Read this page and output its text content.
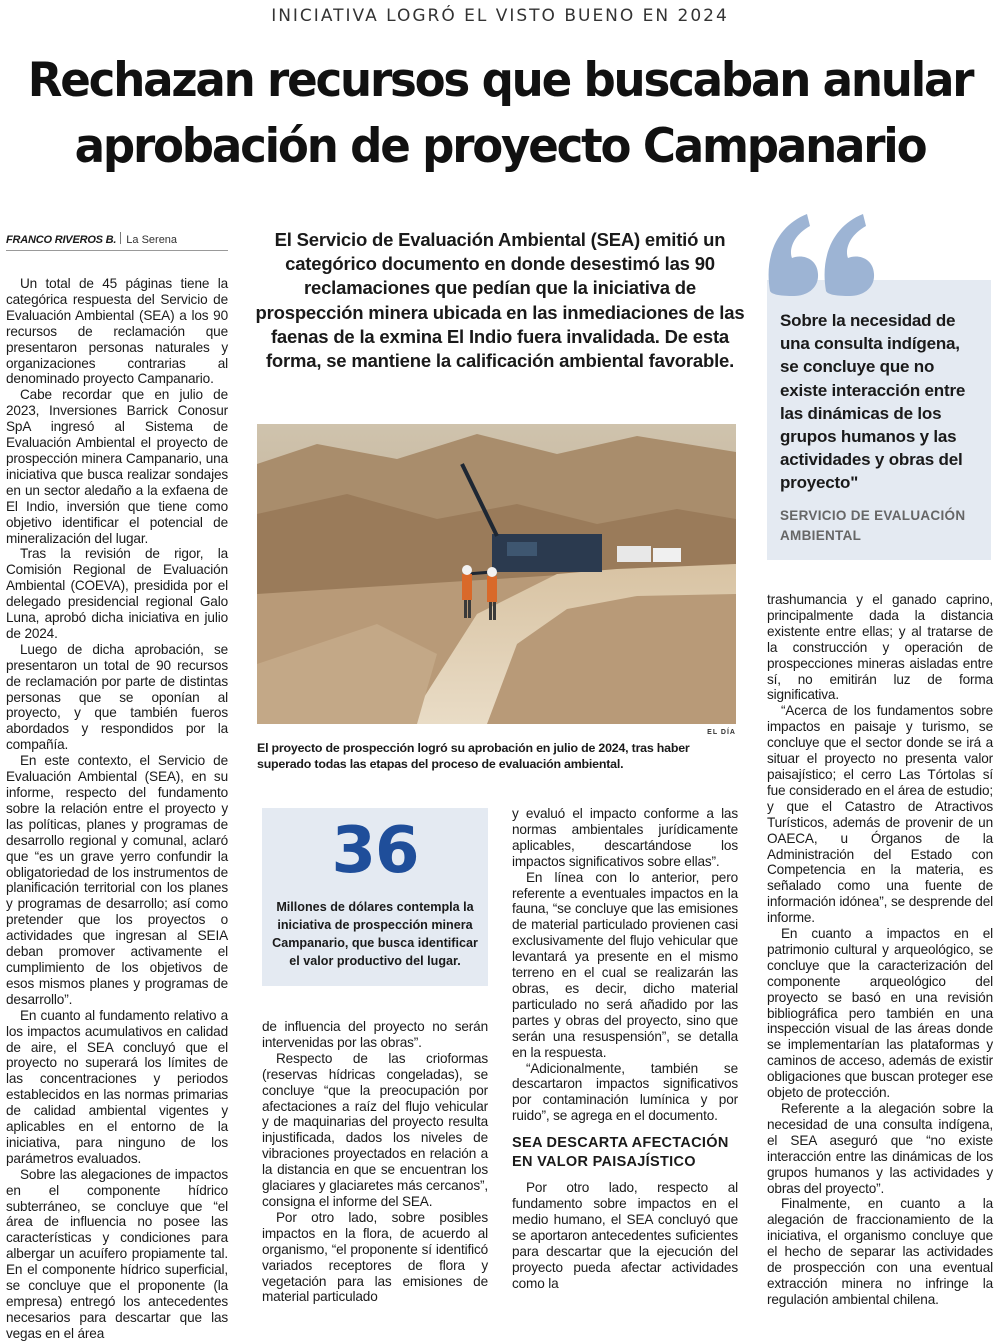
INICIATIVA LOGRÓ EL VISTO BUENO EN 2024
Rechazan recursos que buscaban anular
aprobación de proyecto Campanario
FRANCO RIVEROS B. La Serena	El Servicio de Evaluación Ambiental (SEA) emitió un categórico documento en donde desestimó las 90 reclamaciones que pedían que la iniciativa de prospección minera ubicada en las inmediaciones de las faenas de la exmina El Indio fuera invalidada. De esta forma, se mantiene la calificación ambiental favorable.
EL DÍA
El proyecto de prospección logró su aprobación en julio de 2024, tras haber superado todas las etapas del proceso de evaluación ambiental.
Sobre la necesidad de una consulta indígena, se concluye que no existe interacción entre las dinámicas de los grupos humanos y las actividades y obras del proyecto"
SERVICIO DE EVALUACIÓN AMBIENTAL
36
Millones de dólares contempla la iniciativa de prospección minera Campanario, que busca identificar el valor productivo del lugar.

Un total de 45 páginas tiene la categórica respuesta del Servicio de Evaluación Ambiental (SEA) a los 90 recursos de reclamación que presentaron personas naturales y organizaciones contrarias al denominado proyecto Campanario.

Cabe recordar que en julio de 2023, Inversiones Barrick Conosur SpA ingresó al Sistema de Evaluación Ambiental el proyecto de prospección minera Campanario, una iniciativa que busca realizar sondajes en un sector aledaño a la exfaena de El Indio, inversión que tiene como objetivo identificar el potencial de mineralización del lugar.

Tras la revisión de rigor, la Comisión Regional de Evaluación Ambiental (COEVA), presidida por el delegado presidencial regional Galo Luna, aprobó dicha iniciativa en julio de 2024.

Luego de dicha aprobación, se presentaron un total de 90 recursos de reclamación por parte de distintas personas que se oponían al proyecto, y que también fueros abordados y respondidos por la compañía.

En este contexto, el Servicio de Evaluación Ambiental (SEA), en su informe, respecto del fundamento sobre la relación entre el proyecto y las políticas, planes y programas de desarrollo regional y comunal, aclaró que “es un grave yerro confundir la obligatoriedad de los instrumentos de planificación territorial con los planes y programas de desarrollo; así como pretender que los proyectos o actividades que ingresan al SEIA deban promover activamente el cumplimiento de los objetivos de esos mismos planes y programas de desarrollo”.

En cuanto al fundamento relativo a los impactos acumulativos en calidad de aire, el SEA concluyó que el proyecto no superará los límites de las concentraciones y periodos establecidos en las normas primarias de calidad ambiental vigentes y aplicables en el entorno de la iniciativa, para ninguno de los parámetros evaluados.

Sobre las alegaciones de impactos en el componente hídrico subterráneo, se concluye que “el área de influencia no posee las características y condiciones para albergar un acuífero propiamente tal. En el componente hídrico superficial, se concluye que el proponente (la empresa) entregó los antecedentes necesarios para descartar que las vegas en el área

de influencia del proyecto no serán intervenidas por las obras”.

Respecto de las crioformas (reservas hídricas congeladas), se concluye “que la preocupación por afectaciones a raíz del flujo vehicular y de maquinarias del proyecto resulta injustificada, dados los niveles de vibraciones proyectados en relación a la distancia en que se encuentran los glaciares y glaciaretes más cercanos”, consigna el informe del SEA.

Por otro lado, sobre posibles impactos en la flora, de acuerdo al organismo, “el proponente sí identificó variados receptores de flora y vegetación para las emisiones de material particulado

y evaluó el impacto conforme a las normas ambientales jurídicamente aplicables, descartándose los impactos significativos sobre ellas”.

En línea con lo anterior, pero referente a eventuales impactos en la fauna, “se concluye que las emisiones de material particulado provienen casi exclusivamente del flujo vehicular que levantará ya presente en el mismo terreno en el cual se realizarán las obras, es decir, dicho material particulado no será añadido por las partes y obras del proyecto, sino que serán una resuspensión”, se detalla en la respuesta.

“Adicionalmente, también se descartaron impactos significativos por contaminación lumínica y por ruido”, se agrega en el documento.

SEA DESCARTA AFECTACIÓN
EN VALOR PAISAJÍSTICO

Por otro lado, respecto al fundamento sobre impactos en el medio humano, el SEA concluyó que se aportaron antecedentes suficientes para descartar que la ejecución del proyecto pueda afectar actividades como la

trashumancia y el ganado caprino, principalmente dada la distancia existente entre ellas; y al tratarse de la construcción y operación de prospecciones mineras aisladas entre sí, no emitirán luz de forma significativa.

“Acerca de los fundamentos sobre impactos en paisaje y turismo, se concluye que el sector donde se irá a situar el proyecto no presenta valor paisajístico; el cerro Las Tórtolas sí fue considerado en el área de estudio; y que el Catastro de Atractivos Turísticos, además de provenir de un OAECA, u Órganos de la Administración del Estado con Competencia en la materia, es señalado como una fuente de información idónea”, se desprende del informe.

En cuanto a impactos en el patrimonio cultural y arqueológico, se concluye que la caracterización del componente arqueológico del proyecto se basó en una revisión bibliográfica pero también en una inspección visual de las áreas donde se implementarían las plataformas y caminos de acceso, además de existir obligaciones que buscan proteger ese objeto de protección.

Referente a la alegación sobre la necesidad de una consulta indígena, el SEA aseguró que “no existe interacción entre las dinámicas de los grupos humanos y las actividades y obras del proyecto”.

Finalmente, en cuanto a la alegación de fraccionamiento de la iniciativa, el organismo concluye que el hecho de separar las actividades de prospección con una eventual extracción minera no infringe la regulación ambiental chilena.
